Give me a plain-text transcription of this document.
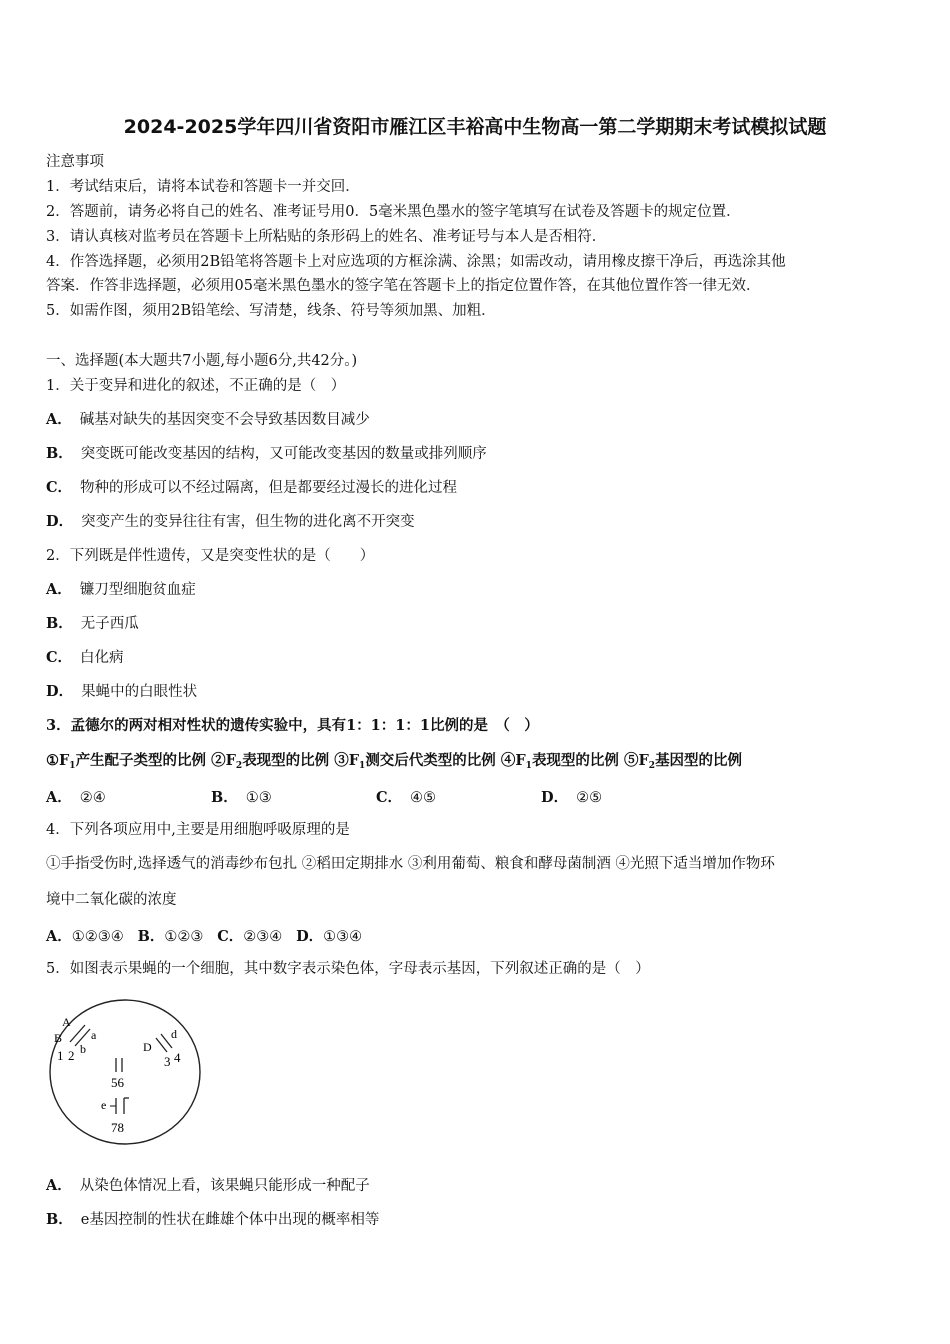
2024-2025学年四川省资阳市雁江区丰裕高中生物高一第二学期期末考试模拟试题
注意事项
1．考试结束后，请将本试卷和答题卡一并交回．
2．答题前，请务必将自己的姓名、准考证号用0．5毫米黑色墨水的签字笔填写在试卷及答题卡的规定位置．
3．请认真核对监考员在答题卡上所粘贴的条形码上的姓名、准考证号与本人是否相符．
4．作答选择题，必须用2B铅笔将答题卡上对应选项的方框涂满、涂黑；如需改动，请用橡皮擦干净后，再选涂其他
答案．作答非选择题，必须用05毫米黑色墨水的签字笔在答题卡上的指定位置作答，在其他位置作答一律无效．
5．如需作图，须用2B铅笔绘、写清楚，线条、符号等须加黑、加粗．
一、选择题(本大题共7小题,每小题6分,共42分。)
1．关于变异和进化的叙述，不正确的是（　）
A． 碱基对缺失的基因突变不会导致基因数目减少
B． 突变既可能改变基因的结构，又可能改变基因的数量或排列顺序
C． 物种的形成可以不经过隔离，但是都要经过漫长的进化过程
D． 突变产生的变异往往有害，但生物的进化离不开突变
2．下列既是伴性遗传，又是突变性状的是（　　）
A． 镰刀型细胞贫血症
B． 无子西瓜
C． 白化病
D． 果蝇中的白眼性状
3．孟德尔的两对相对性状的遗传实验中，具有1：1：1：1比例的是　（　）
$①F_1$产生配子类型的比例 $②F_2$表现型的比例 $③F_1$测交后代类型的比例 $④F_1$表现型的比例 $⑤F_2$基因型的比例
A． ②④	B． ①③	C． ④⑤	D． ②⑤
4．下列各项应用中,主要是用细胞呼吸原理的是
①手指受伤时,选择透气的消毒纱布包扎 ②稻田定期排水 ③利用葡萄、粮食和酵母菌制酒 ④光照下适当增加作物环
境中二氧化碳的浓度
A．①②③④ B．①②③ C．②③④ D．①③④
5．如图表示果蝇的一个细胞，其中数字表示染色体，字母表示基因，下列叙述正确的是（　）
A
a
B
b
1 2
D
d
3 4
56
e
78
A． 从染色体情况上看，该果蝇只能形成一种配子
B． e基因控制的性状在雌雄个体中出现的概率相等
